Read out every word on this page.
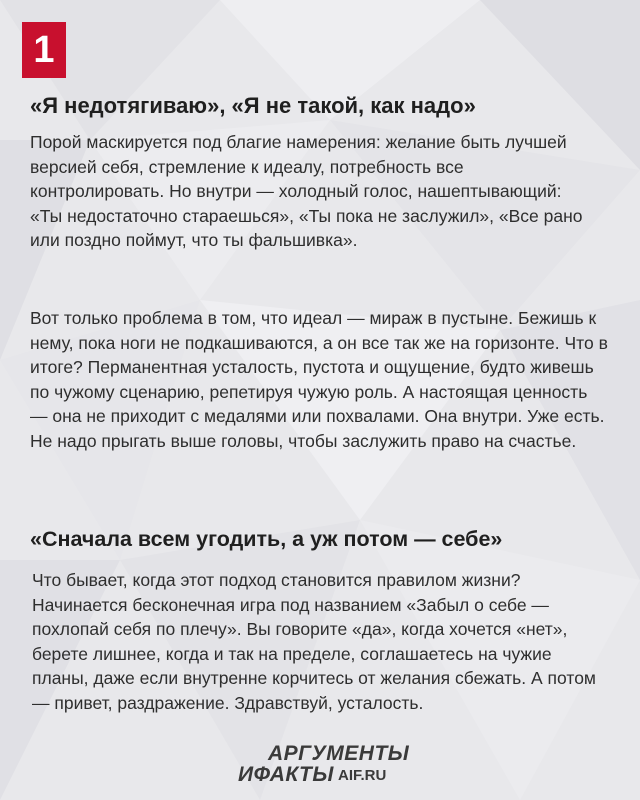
1
«Я недотягиваю», «Я не такой, как надо»

Порой маскируется под благие намерения: желание быть лучшей версией себя, стремление к идеалу, потребность все контролировать. Но внутри — холодный голос, нашептывающий: «Ты недостаточно стараешься», «Ты пока не заслужил», «Все рано или поздно поймут, что ты фальшивка».

Вот только проблема в том, что идеал — мираж в пустыне. Бежишь к нему, пока ноги не подкашиваются, а он все так же на горизонте. Что в итоге? Перманентная усталость, пустота и ощущение, будто живешь по чужому сценарию, репетируя чужую роль. А настоящая ценность — она не приходит с медалями или похвалами. Она внутри. Уже есть. Не надо прыгать выше головы, чтобы заслужить право на счастье.

«Сначала всем угодить, а уж потом — себе»

Что бывает, когда этот подход становится правилом жизни? Начинается бесконечная игра под названием «Забыл о себе — похлопай себя по плечу». Вы говорите «да», когда хочется «нет», берете лишнее, когда и так на пределе, соглашаетесь на чужие планы, даже если внутренне корчитесь от желания сбежать. А потом — привет, раздражение. Здравствуй, усталость.

АРГУМЕНТЫ
ИФАКТЫ AIF.RU
